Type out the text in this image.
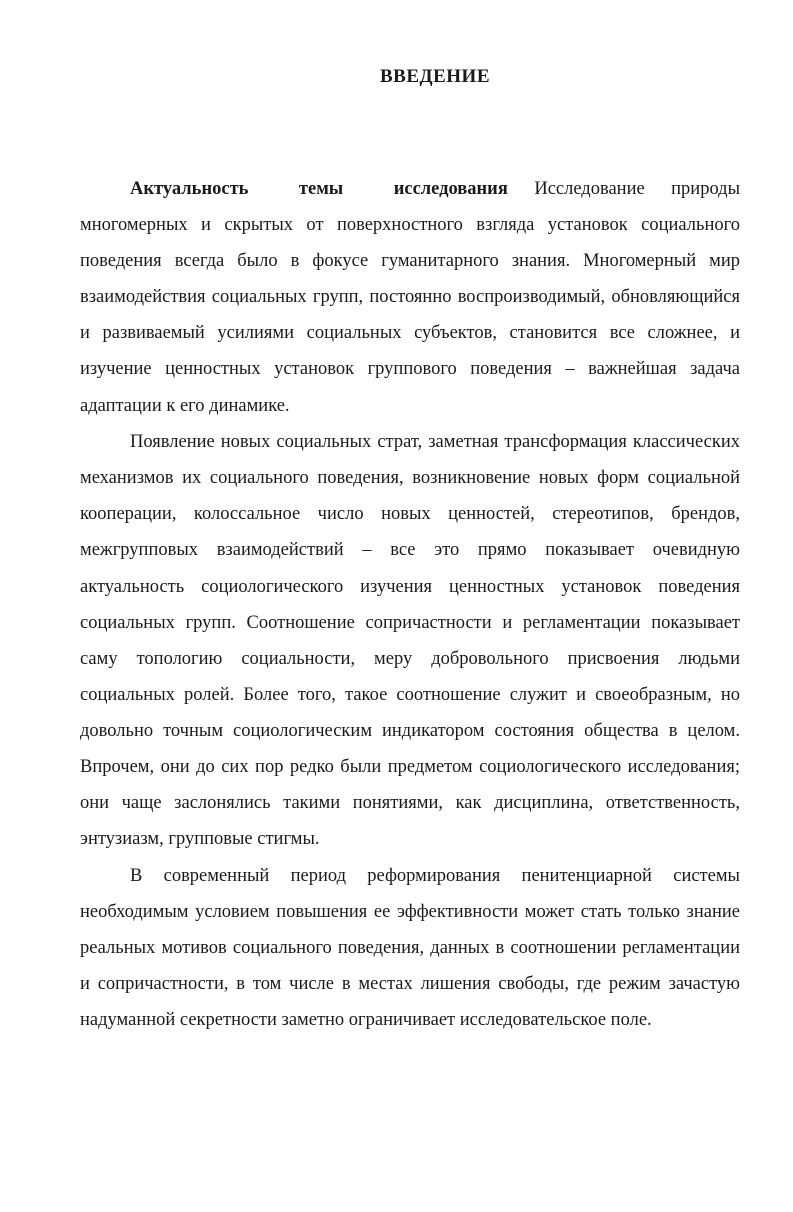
ВВЕДЕНИЕ

Актуальность темы исследования Исследование природы многомерных и скрытых от поверхностного взгляда установок социального поведения всегда было в фокусе гуманитарного знания. Многомерный мир взаимодействия социальных групп, постоянно воспроизводимый, обновляющийся и развиваемый усилиями социальных субъектов, становится все сложнее, и изучение ценностных установок группового поведения – важнейшая задача адаптации к его динамике.

Появление новых социальных страт, заметная трансформация классических механизмов их социального поведения, возникновение новых форм социальной кооперации, колоссальное число новых ценностей, стереотипов, брендов, межгрупповых взаимодействий – все это прямо показывает очевидную актуальность социологического изучения ценностных установок поведения социальных групп. Соотношение сопричастности и регламентации показывает саму топологию социальности, меру добровольного присвоения людьми социальных ролей. Более того, такое соотношение служит и своеобразным, но довольно точным социологическим индикатором состояния общества в целом. Впрочем, они до сих пор редко были предметом социологического исследования; они чаще заслонялись такими понятиями, как дисциплина, ответственность, энтузиазм, групповые стигмы.

В современный период реформирования пенитенциарной системы необходимым условием повышения ее эффективности может стать только знание реальных мотивов социального поведения, данных в соотношении регламентации и сопричастности, в том числе в местах лишения свободы, где режим зачастую надуманной секретности заметно ограничивает исследовательское поле.
